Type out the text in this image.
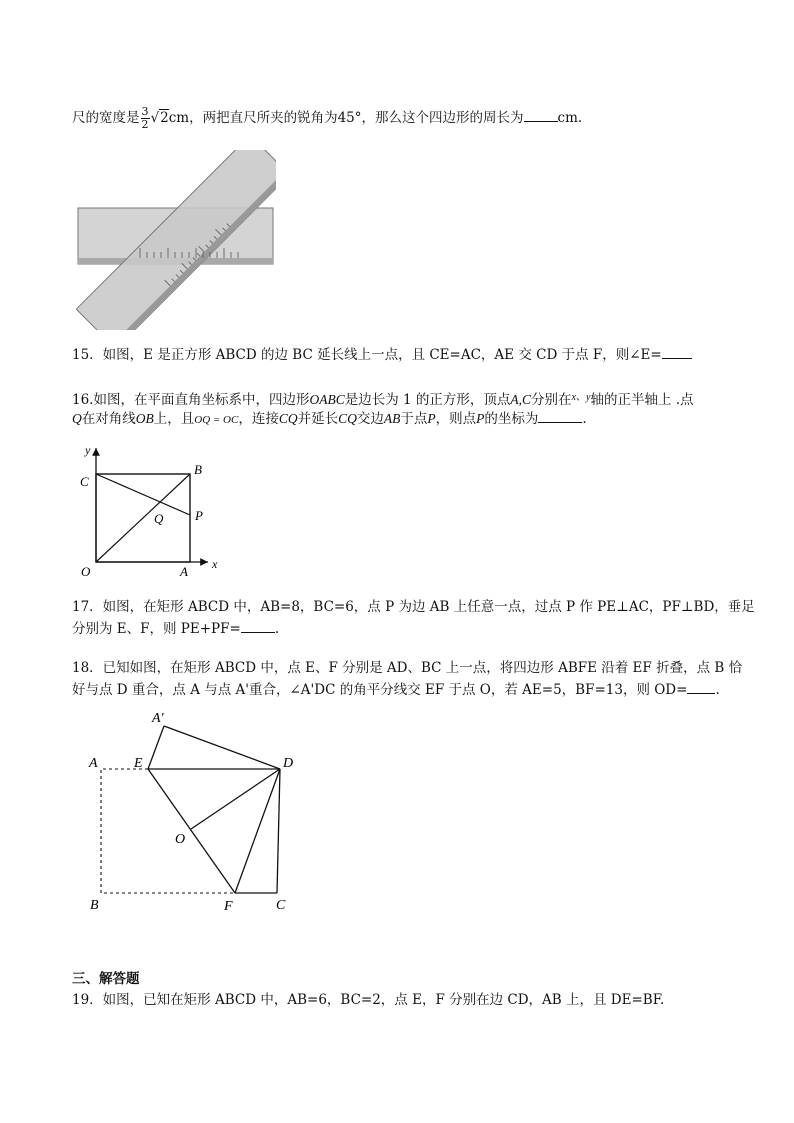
尺的宽度是 $\frac{3}{2} √2cm$，两把直尺所夹的锐角为45°，那么这个四边形的周长为	cm.
15．如图，E 是正方形 ABCD 的边 BC 延长线上一点，且 CE=AC，AE 交 CD 于点 F，则∠E=
16.如图，在平面直角坐标系中，四边形OABC是边长为 1 的正方形，顶点A,C分别在$^{x、y}$轴的正半轴上 .点
Q在对角线OB上，且OQ = OC，连接CQ并延长CQ交边AB于点P，则点P的坐标为	.
y
x
O	A
B
C
P
Q
17．如图，在矩形 ABCD 中，AB=8，BC=6，点 P 为边 AB 上任意一点，过点 P 作 PE⊥AC，PF⊥BD，垂足
分别为 E、F，则 PE+PF=	.
18．已知如图，在矩形 ABCD 中，点 E、F 分别是 AD、BC 上一点，将四边形 ABFE 沿着 EF 折叠，点 B 恰
好与点 D 重合，点 A 与点 A'重合，∠A'DC 的角平分线交 EF 于点 O，若 AE=5，BF=13，则 OD= .
A′
A	E	D
O
B	F	C
三、解答题
19．如图，已知在矩形 ABCD 中，AB=6，BC=2，点 E，F 分别在边 CD，AB 上，且 DE=BF.
